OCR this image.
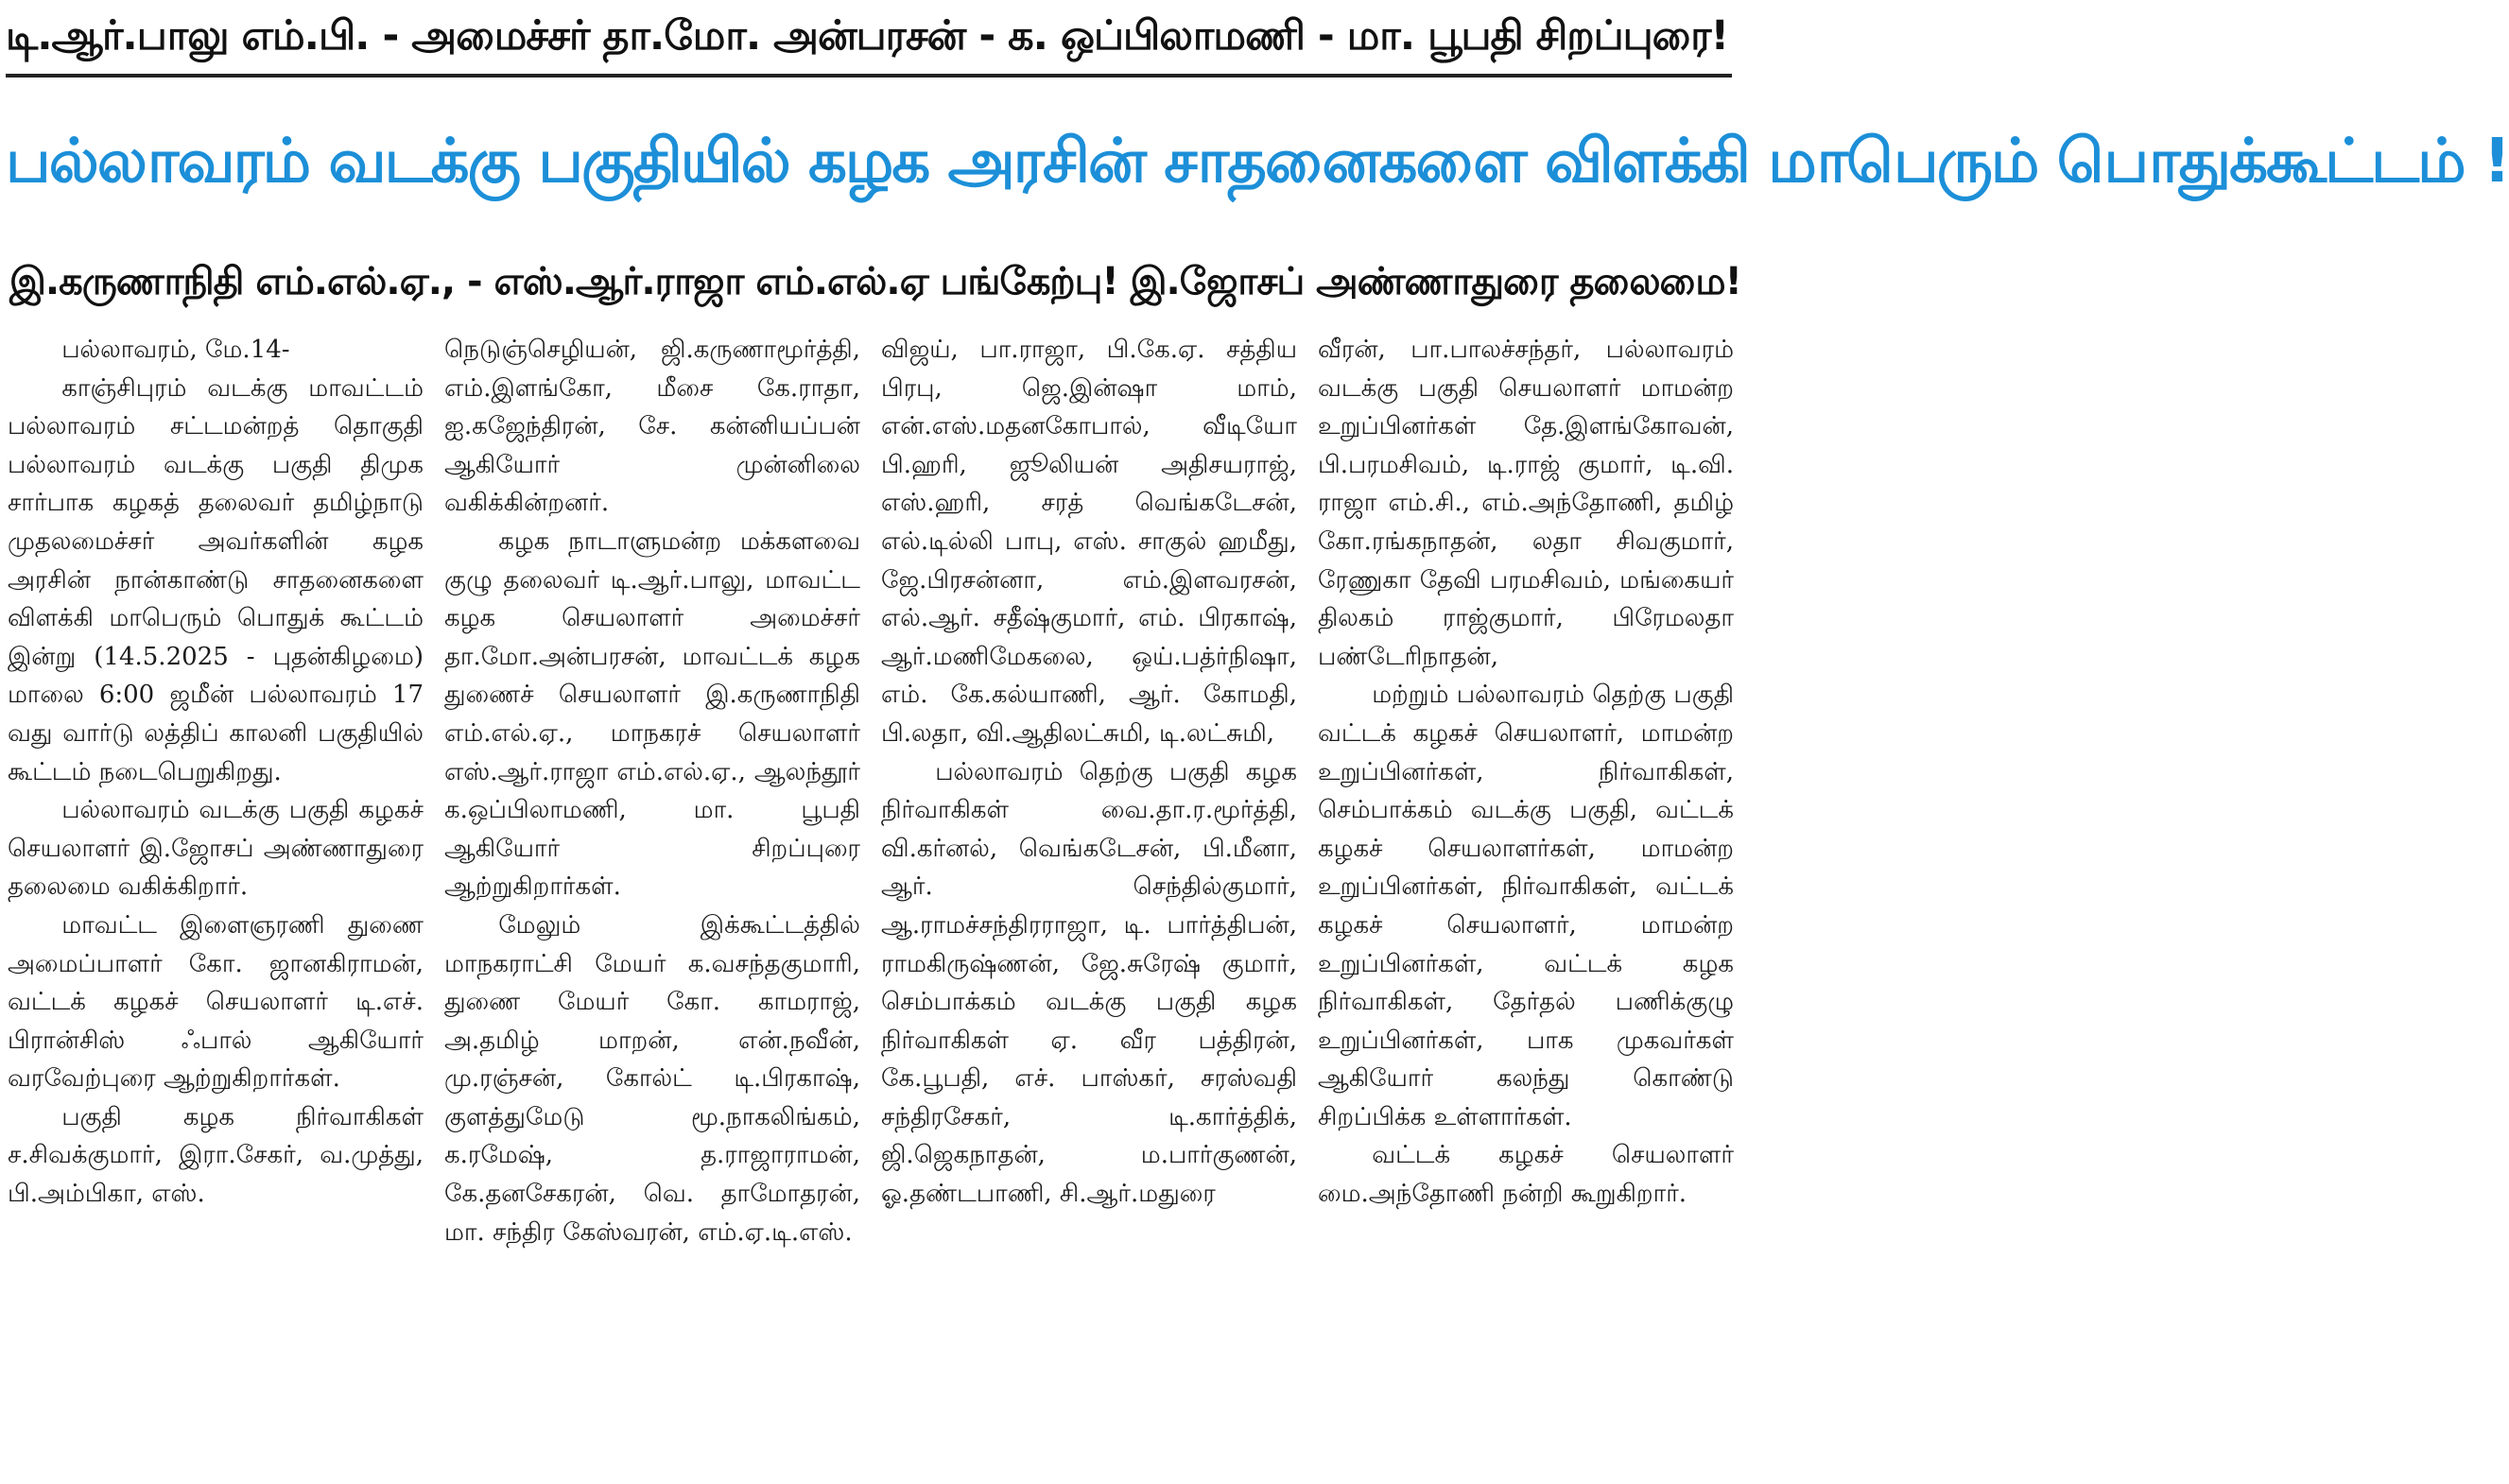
டி.ஆர்.பாலு எம்.பி. - அமைச்சர் தா.மோ. அன்பரசன் - க. ஒப்பிலாமணி - மா. பூபதி சிறப்புரை!
பல்லாவரம் வடக்கு பகுதியில் கழக அரசின் சாதனைகளை விளக்கி மாபெரும் பொதுக்கூட்டம் !
இ.கருணாநிதி எம்.எல்.ஏ., - எஸ்.ஆர்.ராஜா எம்.எல்.ஏ பங்கேற்பு! இ.ஜோசப் அண்ணாதுரை தலைமை!

பல்லாவரம், மே.14-

காஞ்சிபுரம் வடக்கு மாவட்டம் பல்லாவரம் சட்டமன்றத் தொகுதி பல்லாவரம் வடக்கு பகுதி திமுக சார்பாக கழகத் தலைவர் தமிழ்நாடு முதலமைச்சர் அவர்களின் கழக அரசின் நான்காண்டு சாதனைகளை விளக்கி மாபெரும் பொதுக் கூட்டம் இன்று (14.5.2025 - புதன்கிழமை) மாலை 6:00 ஜமீன் பல்லாவரம் 17 வது வார்டு லத்திப் காலனி பகுதியில் கூட்டம் நடைபெறுகிறது.

பல்லாவரம் வடக்கு பகுதி கழகச் செயலாளர் இ.ஜோசப் அண்ணாதுரை தலைமை வகிக்கிறார்.

மாவட்ட இளைஞரணி துணை அமைப்பாளர் கோ. ஜானகிராமன், வட்டக் கழகச் செயலாளர் டி.எச். பிரான்சிஸ் ஃபால் ஆகியோர் வரவேற்புரை ஆற்றுகிறார்கள்.

பகுதி கழக நிர்வாகிகள் ச.சிவக்குமார், இரா.சேகர், வ.முத்து, பி.அம்பிகா, எஸ்.

நெடுஞ்செழியன், ஜி.கருணாமூர்த்தி, எம்.இளங்கோ, மீசை கே.ராதா, ஐ.கஜேந்திரன், சே. கன்னியப்பன் ஆகியோர் முன்னிலை வகிக்கின்றனர்.

கழக நாடாளுமன்ற மக்களவை குழு தலைவர் டி.ஆர்.பாலு, மாவட்ட கழக செயலாளர் அமைச்சர் தா.மோ.அன்பரசன், மாவட்டக் கழக துணைச் செயலாளர் இ.கருணாநிதி எம்.எல்.ஏ., மாநகரச் செயலாளர் எஸ்.ஆர்.ராஜா எம்.எல்.ஏ., ஆலந்தூர் க.ஒப்பிலாமணி, மா. பூபதி ஆகியோர் சிறப்புரை ஆற்றுகிறார்கள்.

மேலும் இக்கூட்டத்தில் மாநகராட்சி மேயர் க.வசந்தகுமாரி, துணை மேயர் கோ. காமராஜ், அ.தமிழ் மாறன், என்.நவீன், மு.ரஞ்சன், கோல்ட் டி.பிரகாஷ், குளத்துமேடு மூ.நாகலிங்கம், க.ரமேஷ், த.ராஜாராமன், கே.தனசேகரன், வெ. தாமோதரன், மா. சந்திர கேஸ்வரன், எம்.ஏ.டி.எஸ்.

விஜய், பா.ராஜா, பி.கே.ஏ. சத்திய பிரபு, ஜெ.இன்ஷா மாம், என்.எஸ்.மதனகோபால், வீடியோ பி.ஹரி, ஜூலியன் அதிசயராஜ், எஸ்.ஹரி, சரத் வெங்கடேசன், எல்.டில்லி பாபு, எஸ். சாகுல் ஹமீது, ஜே.பிரசன்னா, எம்.இளவரசன், எல்.ஆர். சதீஷ்குமார், எம். பிரகாஷ், ஆர்.மணிமேகலை, ஒய்.பத்ர்நிஷா, எம். கே.கல்யாணி, ஆர். கோமதி, பி.லதா, வி.ஆதிலட்சுமி, டி.லட்சுமி,

பல்லாவரம் தெற்கு பகுதி கழக நிர்வாகிகள் வை.தா.ர.மூர்த்தி, வி.கர்னல், வெங்கடேசன், பி.மீனா, ஆர். செந்தில்குமார், ஆ.ராமச்சந்திரராஜா, டி. பார்த்திபன், ராமகிருஷ்ணன், ஜே.சுரேஷ் குமார், செம்பாக்கம் வடக்கு பகுதி கழக நிர்வாகிகள் ஏ. வீர பத்திரன், கே.பூபதி, எச். பாஸ்கர், சரஸ்வதி சந்திரசேகர், டி.கார்த்திக், ஜி.ஜெகநாதன், ம.பார்குணன், ஓ.தண்டபாணி, சி.ஆர்.மதுரை

வீரன், பா.பாலச்சந்தர், பல்லாவரம் வடக்கு பகுதி செயலாளர் மாமன்ற உறுப்பினர்கள் தே.இளங்கோவன், பி.பரமசிவம், டி.ராஜ் குமார், டி.வி. ராஜா எம்.சி., எம்.அந்தோணி, தமிழ் கோ.ரங்கநாதன், லதா சிவகுமார், ரேணுகா தேவி பரமசிவம், மங்கையர் திலகம் ராஜ்குமார், பிரேமலதா பண்டேரிநாதன்,

மற்றும் பல்லாவரம் தெற்கு பகுதி வட்டக் கழகச் செயலாளர், மாமன்ற உறுப்பினர்கள், நிர்வாகிகள், செம்பாக்கம் வடக்கு பகுதி, வட்டக் கழகச் செயலாளர்கள், மாமன்ற உறுப்பினர்கள், நிர்வாகிகள், வட்டக் கழகச் செயலாளர், மாமன்ற உறுப்பினர்கள், வட்டக் கழக நிர்வாகிகள், தேர்தல் பணிக்குழு உறுப்பினர்கள், பாக முகவர்கள் ஆகியோர் கலந்து கொண்டு சிறப்பிக்க உள்ளார்கள்.

வட்டக் கழகச் செயலாளர் மை.அந்தோணி நன்றி கூறுகிறார்.
